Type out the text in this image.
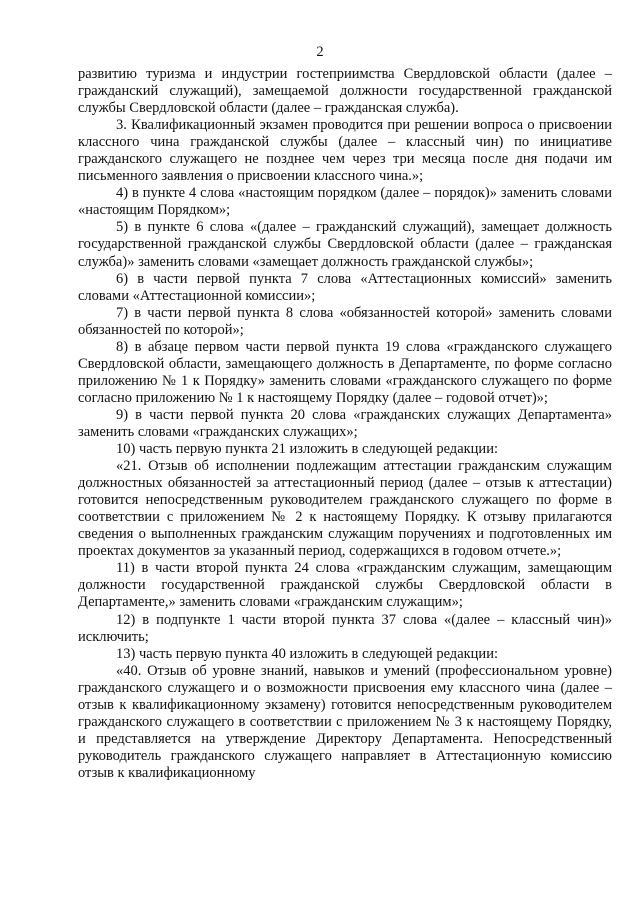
2

развитию туризма и индустрии гостеприимства Свердловской области (далее – гражданский служащий), замещаемой должности государственной гражданской службы Свердловской области (далее – гражданская служба).

3. Квалификационный экзамен проводится при решении вопроса о присвоении классного чина гражданской службы (далее – классный чин) по инициативе гражданского служащего не позднее чем через три месяца после дня подачи им письменного заявления о присвоении классного чина.»;

4) в пункте 4 слова «настоящим порядком (далее – порядок)» заменить словами «настоящим Порядком»;

5) в пункте 6 слова «(далее – гражданский служащий), замещает должность государственной гражданской службы Свердловской области (далее – гражданская служба)» заменить словами «замещает должность гражданской службы»;

6) в части первой пункта 7 слова «Аттестационных комиссий» заменить словами «Аттестационной комиссии»;

7) в части первой пункта 8 слова «обязанностей которой» заменить словами обязанностей по которой»;

8) в абзаце первом части первой пункта 19 слова «гражданского служащего Свердловской области, замещающего должность в Департаменте, по форме согласно приложению № 1 к Порядку» заменить словами «гражданского служащего по форме согласно приложению № 1 к настоящему Порядку (далее – годовой отчет)»;

9) в части первой пункта 20 слова «гражданских служащих Департамента» заменить словами «гражданских служащих»;

10) часть первую пункта 21 изложить в следующей редакции:

«21. Отзыв об исполнении подлежащим аттестации гражданским служащим должностных обязанностей за аттестационный период (далее – отзыв к аттестации) готовится непосредственным руководителем гражданского служащего по форме в соответствии с приложением № 2 к настоящему Порядку. К отзыву прилагаются сведения о выполненных гражданским служащим поручениях и подготовленных им проектах документов за указанный период, содержащихся в годовом отчете.»;

11) в части второй пункта 24 слова «гражданским служащим, замещающим должности государственной гражданской службы Свердловской области в Департаменте,» заменить словами «гражданским служащим»;

12) в подпункте 1 части второй пункта 37 слова «(далее – классный чин)» исключить;

13) часть первую пункта 40 изложить в следующей редакции:

«40. Отзыв об уровне знаний, навыков и умений (профессиональном уровне) гражданского служащего и о возможности присвоения ему классного чина (далее – отзыв к квалификационному экзамену) готовится непосредственным руководителем гражданского служащего в соответствии с приложением № 3 к настоящему Порядку, и представляется на утверждение Директору Департамента. Непосредственный руководитель гражданского служащего направляет в Аттестационную комиссию отзыв к квалификационному
